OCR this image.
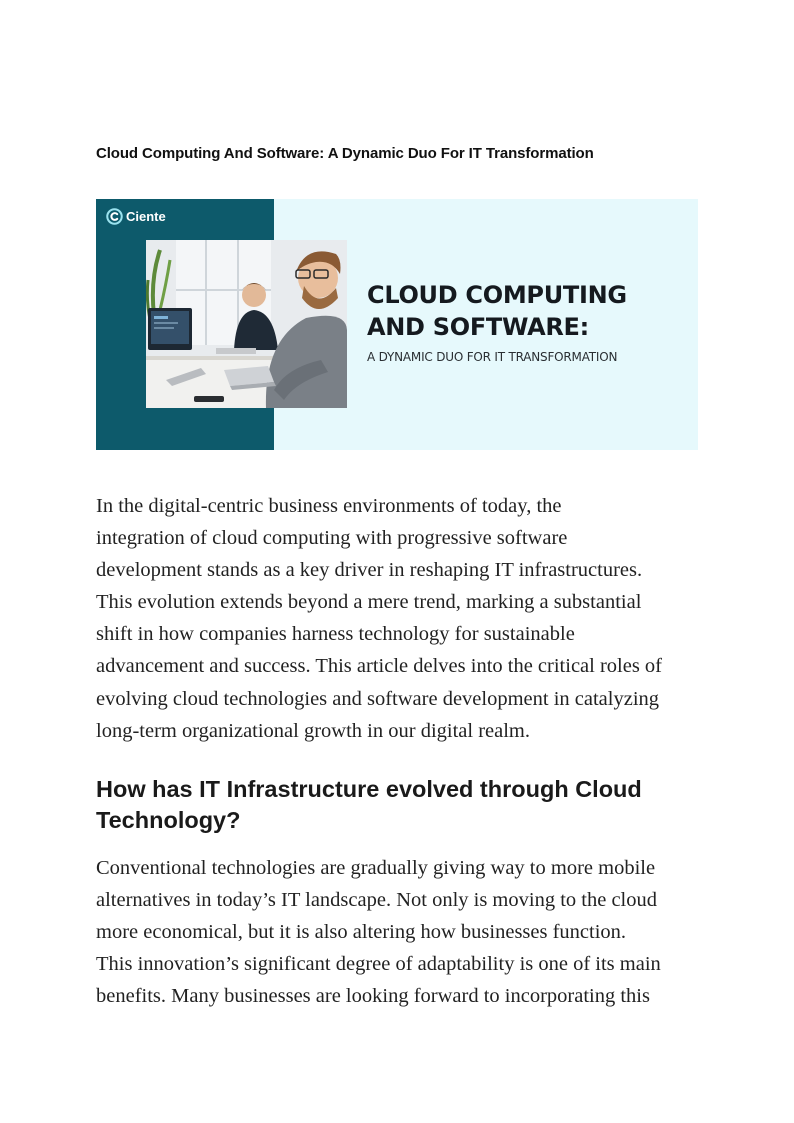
Cloud Computing And Software: A Dynamic Duo For IT Transformation
Ciente
CLOUD COMPUTING
AND SOFTWARE:
A DYNAMIC DUO FOR IT TRANSFORMATION
In the digital-centric business environments of today, the
integration of cloud computing with progressive software
development stands as a key driver in reshaping IT infrastructures.
This evolution extends beyond a mere trend, marking a substantial
shift in how companies harness technology for sustainable
advancement and success. This article delves into the critical roles of
evolving cloud technologies and software development in catalyzing
long-term organizational growth in our digital realm.
How has IT Infrastructure evolved through Cloud
Technology?
Conventional technologies are gradually giving way to more mobile
alternatives in today’s IT landscape. Not only is moving to the cloud
more economical, but it is also altering how businesses function.
This innovation’s significant degree of adaptability is one of its main
benefits. Many businesses are looking forward to incorporating this
